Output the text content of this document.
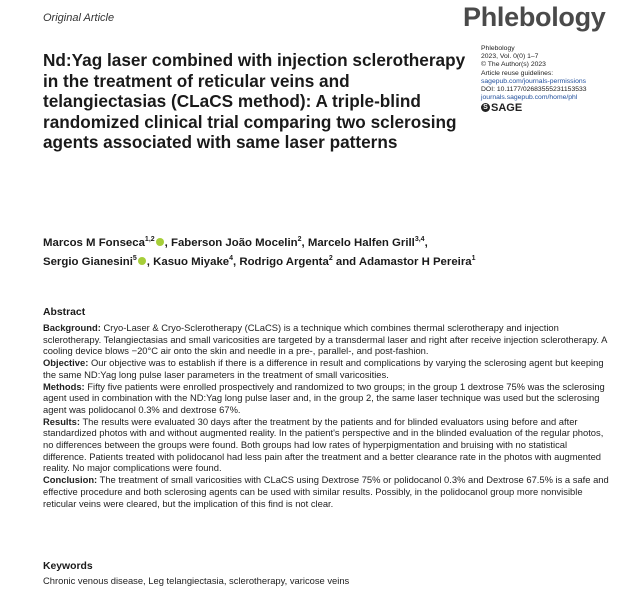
Original Article	Phlebology
Phlebology
2023, Vol. 0(0) 1–7
© The Author(s) 2023
Article reuse guidelines:
sagepub.com/journals-permissions
DOI: 10.1177/02683555231153533
journals.sagepub.com/home/phl
S SAGE
Nd:Yag laser combined with injection sclerotherapy in the treatment of reticular veins and telangiectasias (CLaCS method): A triple-blind randomized clinical trial comparing two sclerosing agents associated with same laser patterns
Marcos M Fonseca$^{1,2}$ , Faberson João Mocelin$^2$, Marcelo Halfen Grill$^{3,4}$,
Sergio Gianesini$^5$ , Kasuo Miyake$^4$, Rodrigo Argenta$^2$ and Adamastor H Pereira$^1$
Abstract

Background: Cryo-Laser & Cryo-Sclerotherapy (CLaCS) is a technique which combines thermal sclerotherapy and injection sclerotherapy. Telangiectasias and small varicosities are targeted by a transdermal laser and right after receive injection sclerotherapy. A cooling device blows −20°C air onto the skin and needle in a pre-, parallel-, and post-fashion.

Objective: Our objective was to establish if there is a difference in result and complications by varying the sclerosing agent but keeping the same ND:Yag long pulse laser parameters in the treatment of small varicosities.

Methods: Fifty five patients were enrolled prospectively and randomized to two groups; in the group 1 dextrose 75% was the sclerosing agent used in combination with the ND:Yag long pulse laser and, in the group 2, the same laser technique was used but the sclerosing agent was polidocanol 0.3% and dextrose 67%.

Results: The results were evaluated 30 days after the treatment by the patients and for blinded evaluators using before and after standardized photos with and without augmented reality. In the patient's perspective and in the blinded evaluation of the regular photos, no differences between the groups were found. Both groups had low rates of hyperpigmentation and bruising with no statistical difference. Patients treated with polidocanol had less pain after the treatment and a better clearance rate in the photos with augmented reality. No major complications were found.

Conclusion: The treatment of small varicosities with CLaCS using Dextrose 75% or polidocanol 0.3% and Dextrose 67.5% is a safe and effective procedure and both sclerosing agents can be used with similar results. Possibly, in the polidocanol group more nonvisible reticular veins were cleared, but the implication of this find is not clear.

Keywords
Chronic venous disease, Leg telangiectasia, sclerotherapy, varicose veins
